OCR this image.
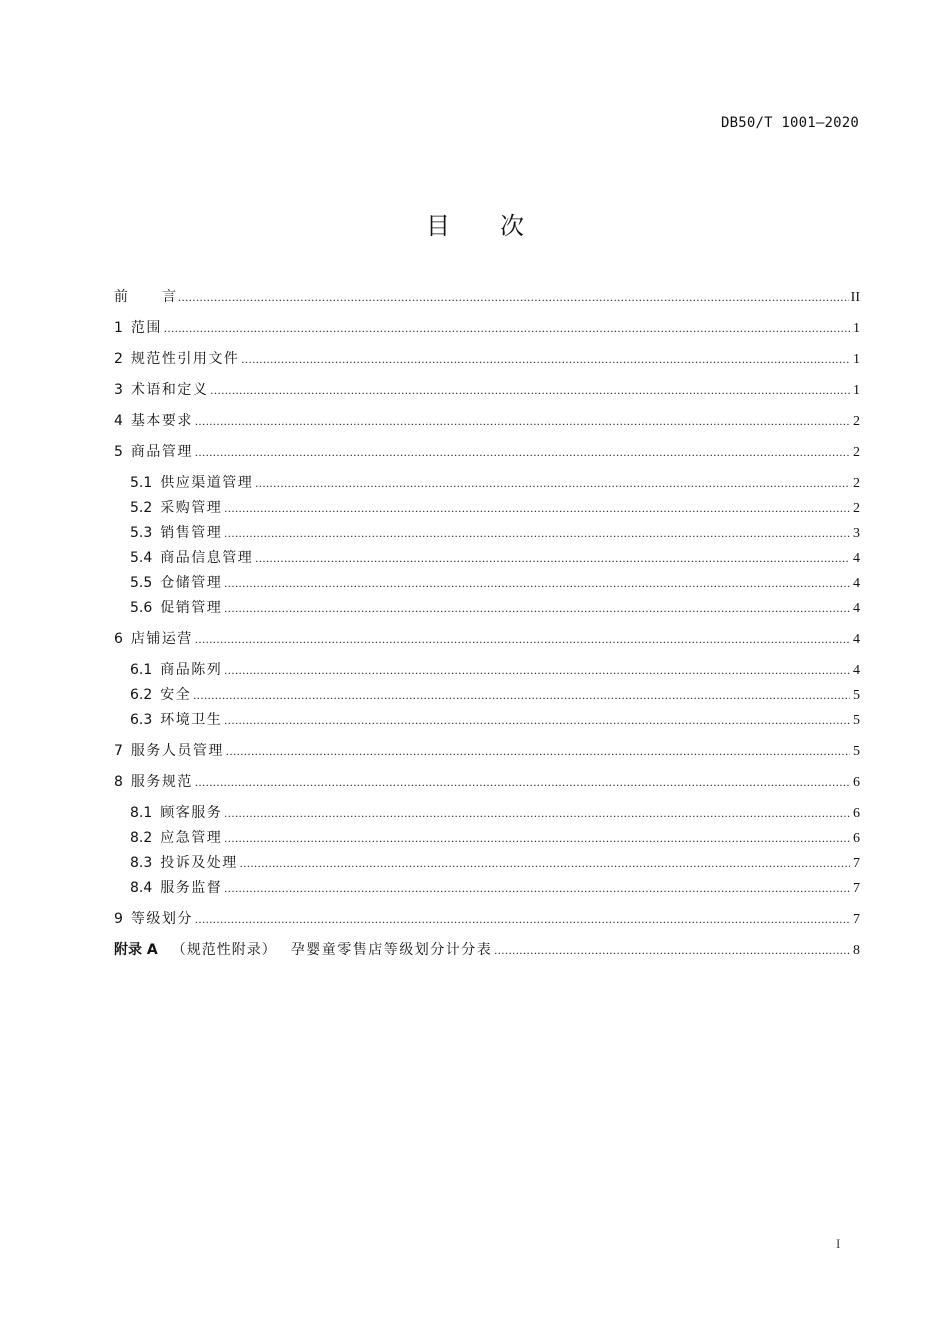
DB50/T 1001—2020
目 次
前 言 .....	II
1 范围 .....	1
2 规范性引用文件 .....	1
3 术语和定义 .....	1
4 基本要求 .....	2
5 商品管理 .....	2
5.1 供应渠道管理 .....	2
5.2 采购管理 .....	2
5.3 销售管理 .....	3
5.4 商品信息管理 .....	4
5.5 仓储管理 .....	4
5.6 促销管理 .....	4
6 店铺运营 .....	4
6.1 商品陈列 .....	4
6.2 安全 .....	5
6.3 环境卫生 .....	5
7 服务人员管理 .....	5
8 服务规范 .....	6
8.1 顾客服务 .....	6
8.2 应急管理 .....	6
8.3 投诉及处理 .....	7
8.4 服务监督 .....	7
9 等级划分 .....	7
附录 A （规范性附录） 孕婴童零售店等级划分计分表 .....	8
I
